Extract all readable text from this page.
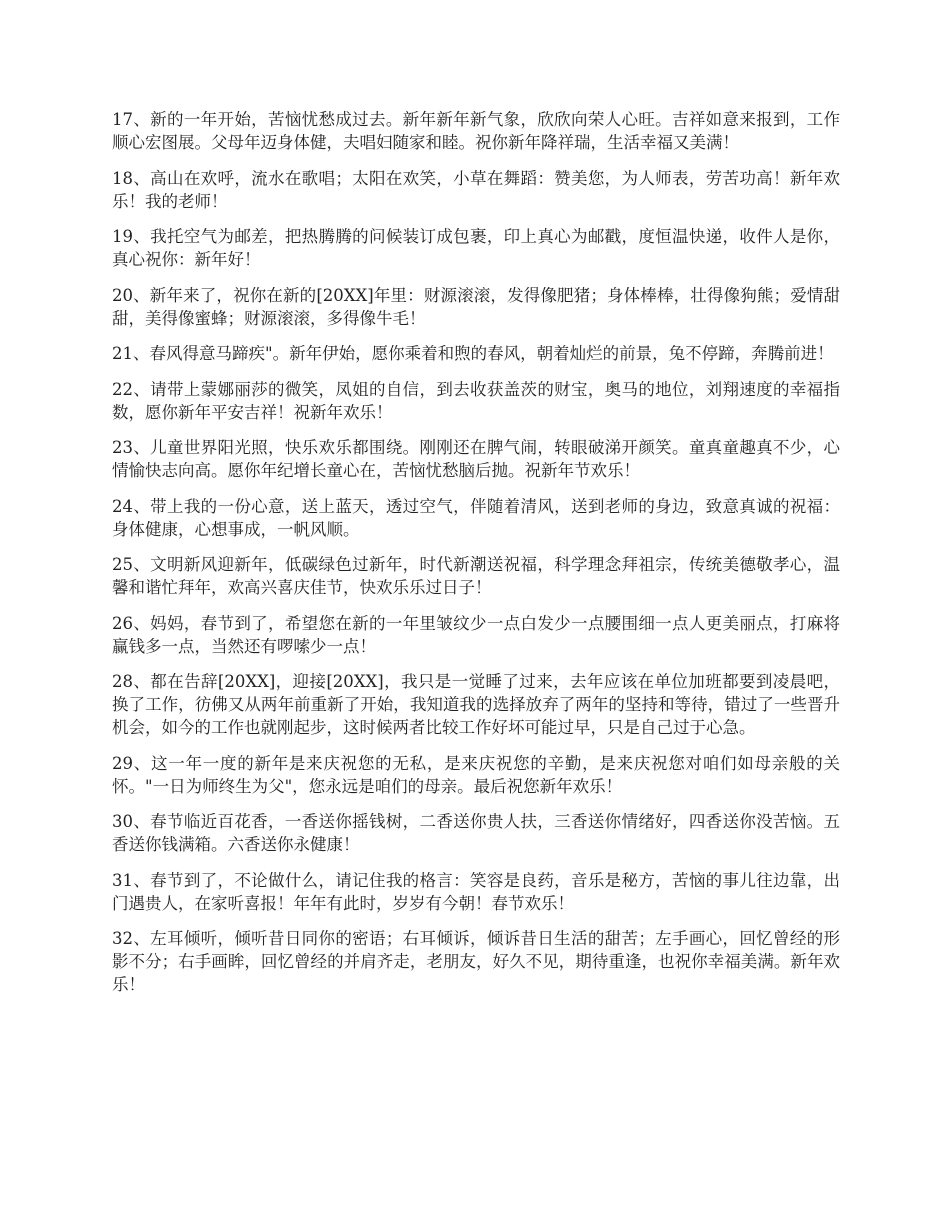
17、新的一年开始，苦恼忧愁成过去。新年新年新气象，欣欣向荣人心旺。吉祥如意来报到，工作顺心宏图展。父母年迈身体健，夫唱妇随家和睦。祝你新年降祥瑞，生活幸福又美满！

18、高山在欢呼，流水在歌唱；太阳在欢笑，小草在舞蹈：赞美您，为人师表，劳苦功高！新年欢乐！我的老师！

19、我托空气为邮差，把热腾腾的问候装订成包裹，印上真心为邮戳，度恒温快递，收件人是你，真心祝你：新年好！

20、新年来了，祝你在新的[20XX]年里：财源滚滚，发得像肥猪；身体棒棒，壮得像狗熊；爱情甜甜，美得像蜜蜂；财源滚滚，多得像牛毛！

21、春风得意马蹄疾"。新年伊始，愿你乘着和煦的春风，朝着灿烂的前景，兔不停蹄，奔腾前进！

22、请带上蒙娜丽莎的微笑，凤姐的自信，到去收获盖茨的财宝，奥马的地位，刘翔速度的幸福指数，愿你新年平安吉祥！祝新年欢乐！

23、儿童世界阳光照，快乐欢乐都围绕。刚刚还在脾气闹，转眼破涕开颜笑。童真童趣真不少，心情愉快志向高。愿你年纪增长童心在，苦恼忧愁脑后抛。祝新年节欢乐！

24、带上我的一份心意，送上蓝天，透过空气，伴随着清风，送到老师的身边，致意真诚的祝福：身体健康，心想事成，一帆风顺。

25、文明新风迎新年，低碳绿色过新年，时代新潮送祝福，科学理念拜祖宗，传统美德敬孝心，温馨和谐忙拜年，欢高兴喜庆佳节，快欢乐乐过日子！

26、妈妈，春节到了，希望您在新的一年里皱纹少一点白发少一点腰围细一点人更美丽点，打麻将赢钱多一点，当然还有啰嗦少一点！

28、都在告辞[20XX]，迎接[20XX]，我只是一觉睡了过来，去年应该在单位加班都要到凌晨吧，换了工作，彷佛又从两年前重新了开始，我知道我的选择放弃了两年的坚持和等待，错过了一些晋升机会，如今的工作也就刚起步，这时候两者比较工作好坏可能过早，只是自己过于心急。

29、这一年一度的新年是来庆祝您的无私，是来庆祝您的辛勤，是来庆祝您对咱们如母亲般的关怀。"一日为师终生为父"，您永远是咱们的母亲。最后祝您新年欢乐！

30、春节临近百花香，一香送你摇钱树，二香送你贵人扶，三香送你情绪好，四香送你没苦恼。五香送你钱满箱。六香送你永健康！

31、春节到了，不论做什么，请记住我的格言：笑容是良药，音乐是秘方，苦恼的事儿往边靠，出门遇贵人，在家听喜报！年年有此时，岁岁有今朝！春节欢乐！

32、左耳倾听，倾听昔日同你的密语；右耳倾诉，倾诉昔日生活的甜苦；左手画心，回忆曾经的形影不分；右手画眸，回忆曾经的并肩齐走，老朋友，好久不见，期待重逢，也祝你幸福美满。新年欢乐！
